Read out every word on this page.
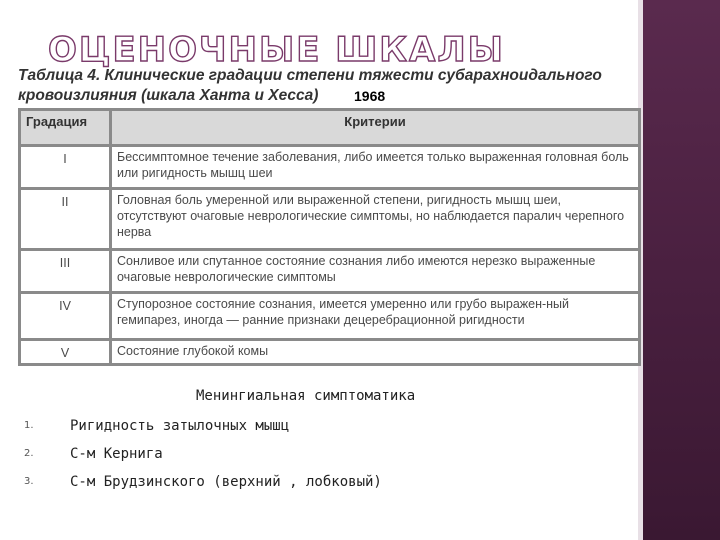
ОЦЕНОЧНЫЕ ШКАЛЫ
Таблица 4. Клинические градации степени тяжести субарахноидального кровоизлияния (шкала Ханта и Хесса)	1968
Градация	Критерии
I	Бессимптомное течение заболевания, либо имеется только выраженная головная боль или ригидность мышц шеи
II	Головная боль умеренной или выраженной степени, ригидность мышц шеи, отсутствуют очаговые неврологические симптомы, но наблюдается паралич черепного нерва
III	Сонливое или спутанное состояние сознания либо имеются нерезко выраженные очаговые неврологические симптомы
IV	Ступорозное состояние сознания, имеется умеренно или грубо выражен-ный гемипарез, иногда — ранние признаки децеребрационной ригидности
V	Состояние глубокой комы
Менингиальная симптоматика
1.	Ригидность затылочных мышц
2.	С-м Кернига
3.	С-м Брудзинского (верхний , лобковый)
